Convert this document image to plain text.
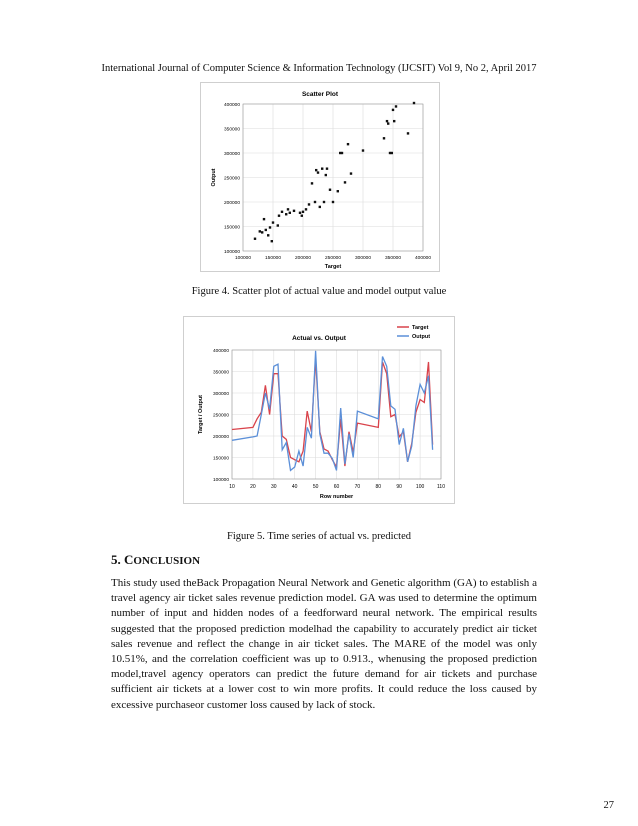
International Journal of Computer Science & Information Technology (IJCSIT) Vol 9, No 2, April 2017
Scatter Plot
100000
150000
200000
250000
300000
350000
400000
100000	150000	200000	250000	300000	350000	400000
Target
Output
Figure 4. Scatter plot of actual value and model output value
Actual vs. Output
100000
150000
200000
250000
300000
350000
400000
10	20	30	40	50	60	70	80	90	100	110
Row number
Target / Output
Target
Output
Figure 5. Time series of actual vs. predicted
5. CONCLUSION
This study used theBack Propagation Neural Network and Genetic algorithm (GA) to establish a travel agency air ticket sales revenue prediction model. GA was used to determine the optimum number of input and hidden nodes of a feedforward neural network. The empirical results suggested that the proposed prediction modelhad the capability to accurately predict air ticket sales revenue and reflect the change in air ticket sales. The MARE of the model was only 10.51%, and the correlation coefficient was up to 0.913., whenusing the proposed prediction model,travel agency operators can predict the future demand for air tickets and purchase sufficient air tickets at a lower cost to win more profits. It could reduce the loss caused by excessive purchaseor customer loss caused by lack of stock.
27
